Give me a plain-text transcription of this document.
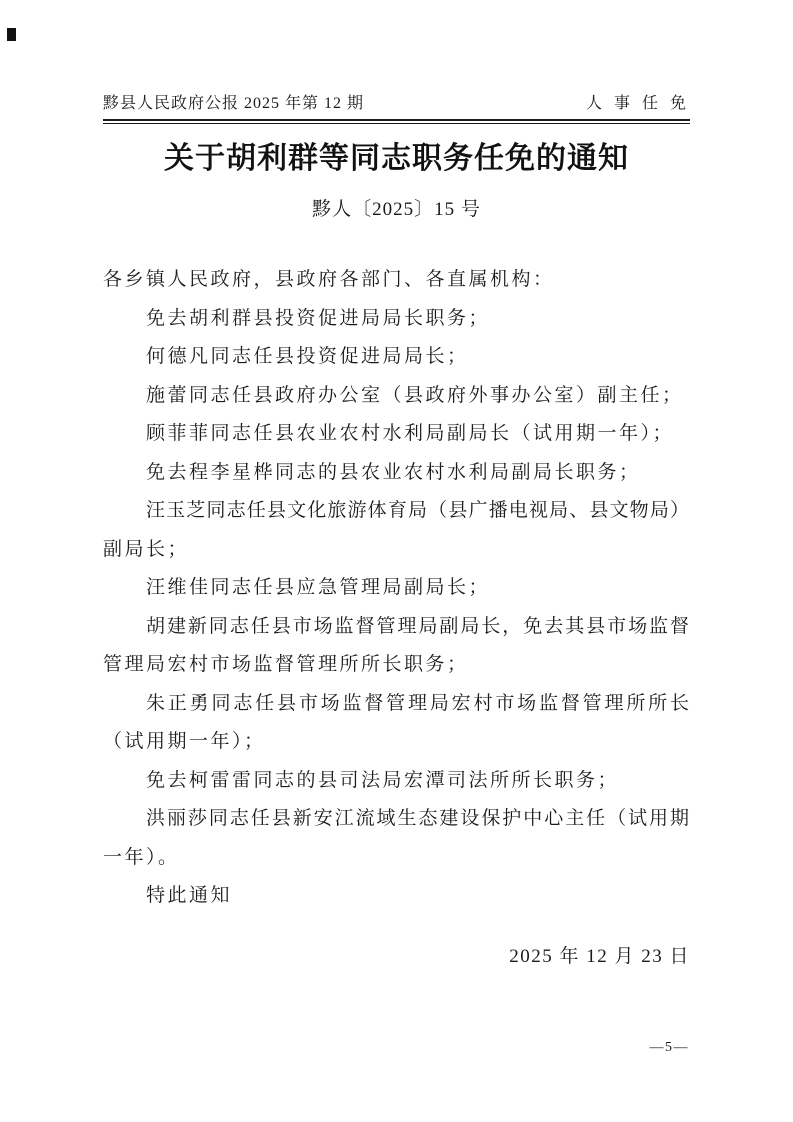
黟县人民政府公报 2025 年第 12 期	人 事 任 免
关于胡利群等同志职务任免的通知
黟人〔2025〕15 号

各乡镇人民政府，县政府各部门、各直属机构：

免去胡利群县投资促进局局长职务；

何德凡同志任县投资促进局局长；

施蕾同志任县政府办公室（县政府外事办公室）副主任；

顾菲菲同志任县农业农村水利局副局长（试用期一年）；

免去程李星桦同志的县农业农村水利局副局长职务；

汪玉芝同志任县文化旅游体育局（县广播电视局、县文物局）

副局长；

汪维佳同志任县应急管理局副局长；

胡建新同志任县市场监督管理局副局长，免去其县市场监督

管理局宏村市场监督管理所所长职务；

朱正勇同志任县市场监督管理局宏村市场监督管理所所长

（试用期一年）；

免去柯雷雷同志的县司法局宏潭司法所所长职务；

洪丽莎同志任县新安江流域生态建设保护中心主任（试用期

一年）。

特此通知

2025 年 12 月 23 日
—5—
